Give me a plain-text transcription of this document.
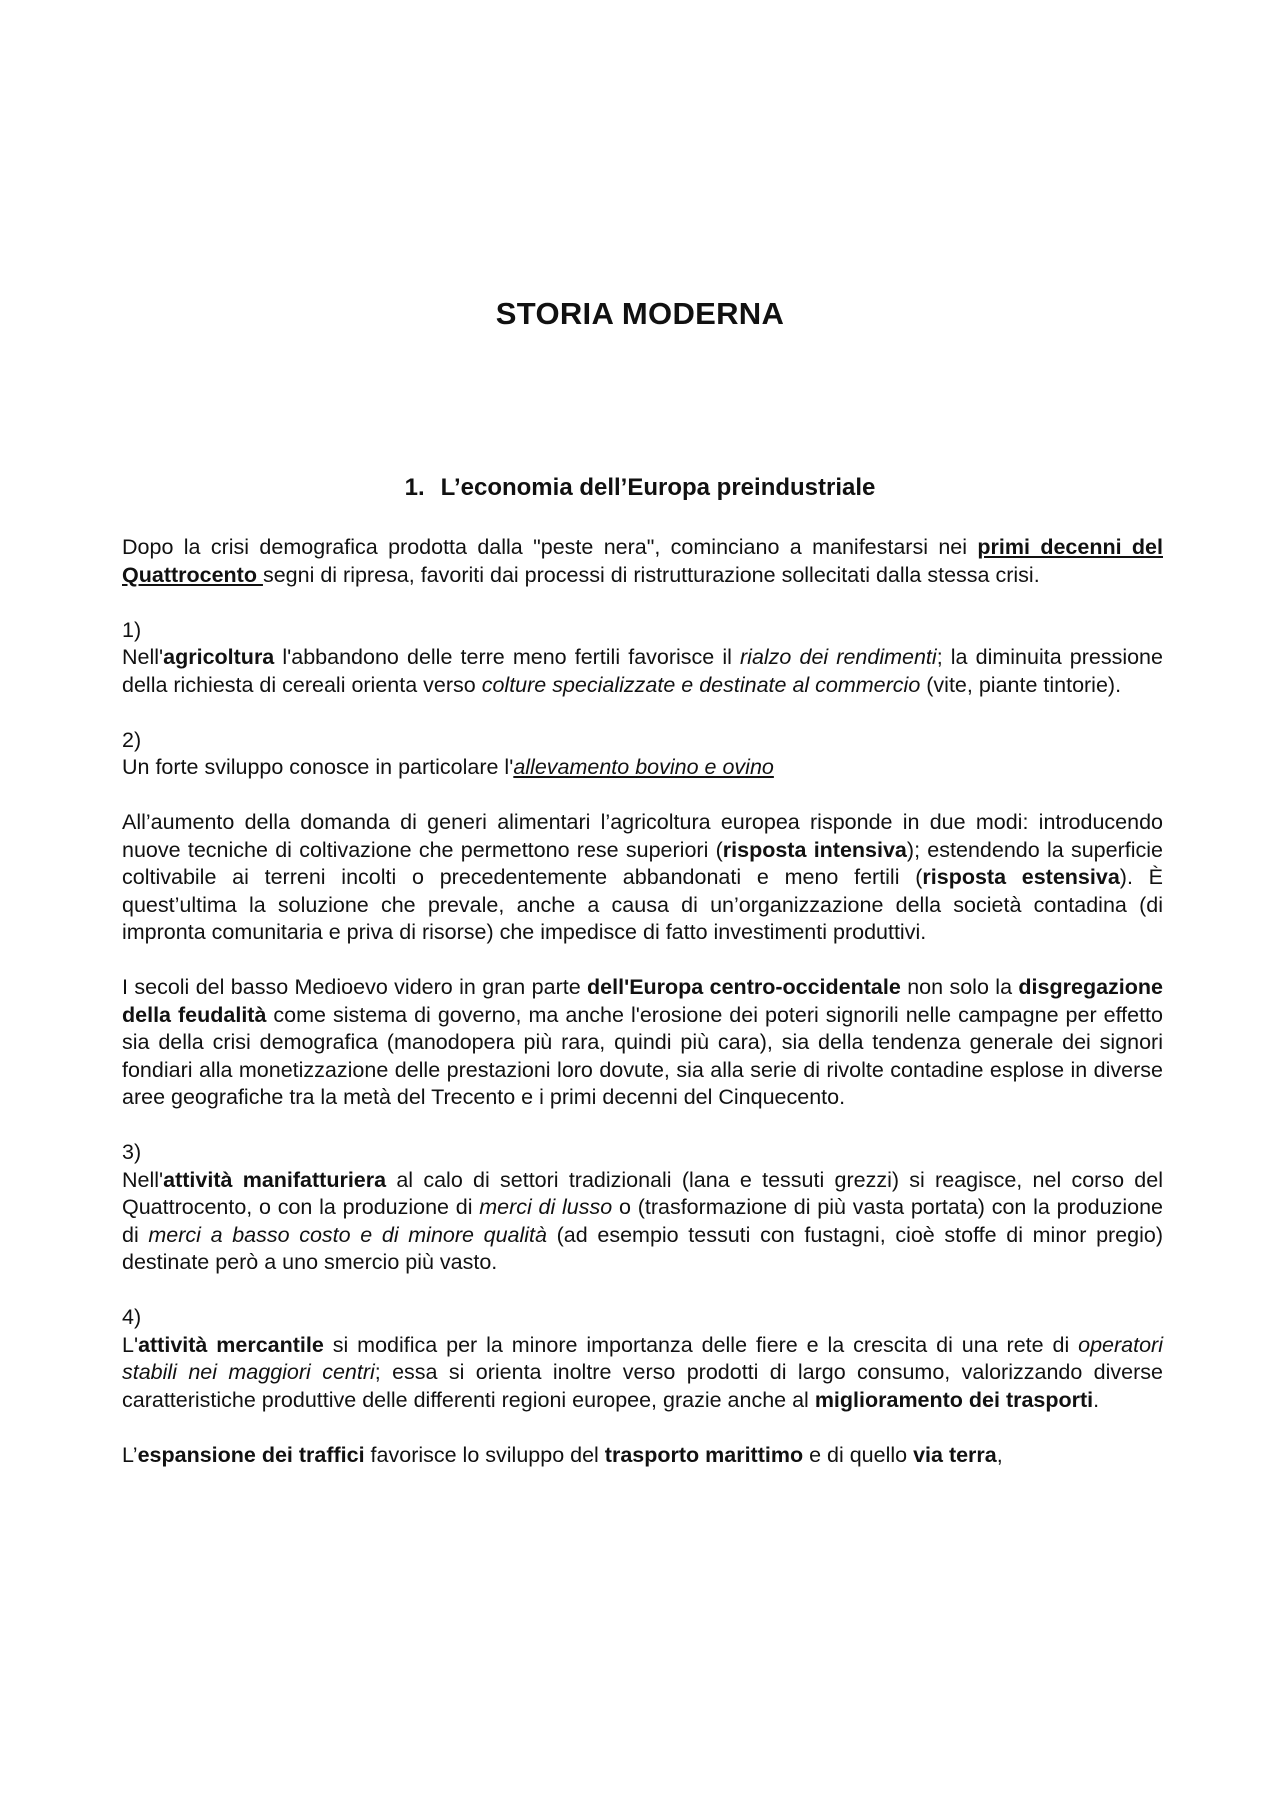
STORIA MODERNA
1. L’economia dell’Europa preindustriale

Dopo la crisi demografica prodotta dalla "peste nera", cominciano a manifestarsi nei primi decenni del Quattrocento segni di ripresa, favoriti dai processi di ristrutturazione sollecitati dalla stessa crisi.

1)

Nell'agricoltura l'abbandono delle terre meno fertili favorisce il rialzo dei rendimenti; la diminuita pressione della richiesta di cereali orienta verso colture specializzate e destinate al commercio (vite, piante tintorie).

2)

Un forte sviluppo conosce in particolare l'allevamento bovino e ovino

All’aumento della domanda di generi alimentari l’agricoltura europea risponde in due modi: introducendo nuove tecniche di coltivazione che permettono rese superiori (risposta intensiva); estendendo la superficie coltivabile ai terreni incolti o precedentemente abbandonati e meno fertili (risposta estensiva). È quest’ultima la soluzione che prevale, anche a causa di un’organizzazione della società contadina (di impronta comunitaria e priva di risorse) che impedisce di fatto investimenti produttivi.

I secoli del basso Medioevo videro in gran parte dell'Europa centro-occidentale non solo la disgregazione della feudalità come sistema di governo, ma anche l'erosione dei poteri signorili nelle campagne per effetto sia della crisi demografica (manodopera più rara, quindi più cara), sia della tendenza generale dei signori fondiari alla monetizzazione delle prestazioni loro dovute, sia alla serie di rivolte contadine esplose in diverse aree geografiche tra la metà del Trecento e i primi decenni del Cinquecento.

3)

Nell'attività manifatturiera al calo di settori tradizionali (lana e tessuti grezzi) si reagisce, nel corso del Quattrocento, o con la produzione di merci di lusso o (trasformazione di più vasta portata) con la produzione di merci a basso costo e di minore qualità (ad esempio tessuti con fustagni, cioè stoffe di minor pregio) destinate però a uno smercio più vasto.

4)

L'attività mercantile si modifica per la minore importanza delle fiere e la crescita di una rete di operatori stabili nei maggiori centri; essa si orienta inoltre verso prodotti di largo consumo, valorizzando diverse caratteristiche produttive delle differenti regioni europee, grazie anche al miglioramento dei trasporti.

L’espansione dei traffici favorisce lo sviluppo del trasporto marittimo e di quello via terra,
